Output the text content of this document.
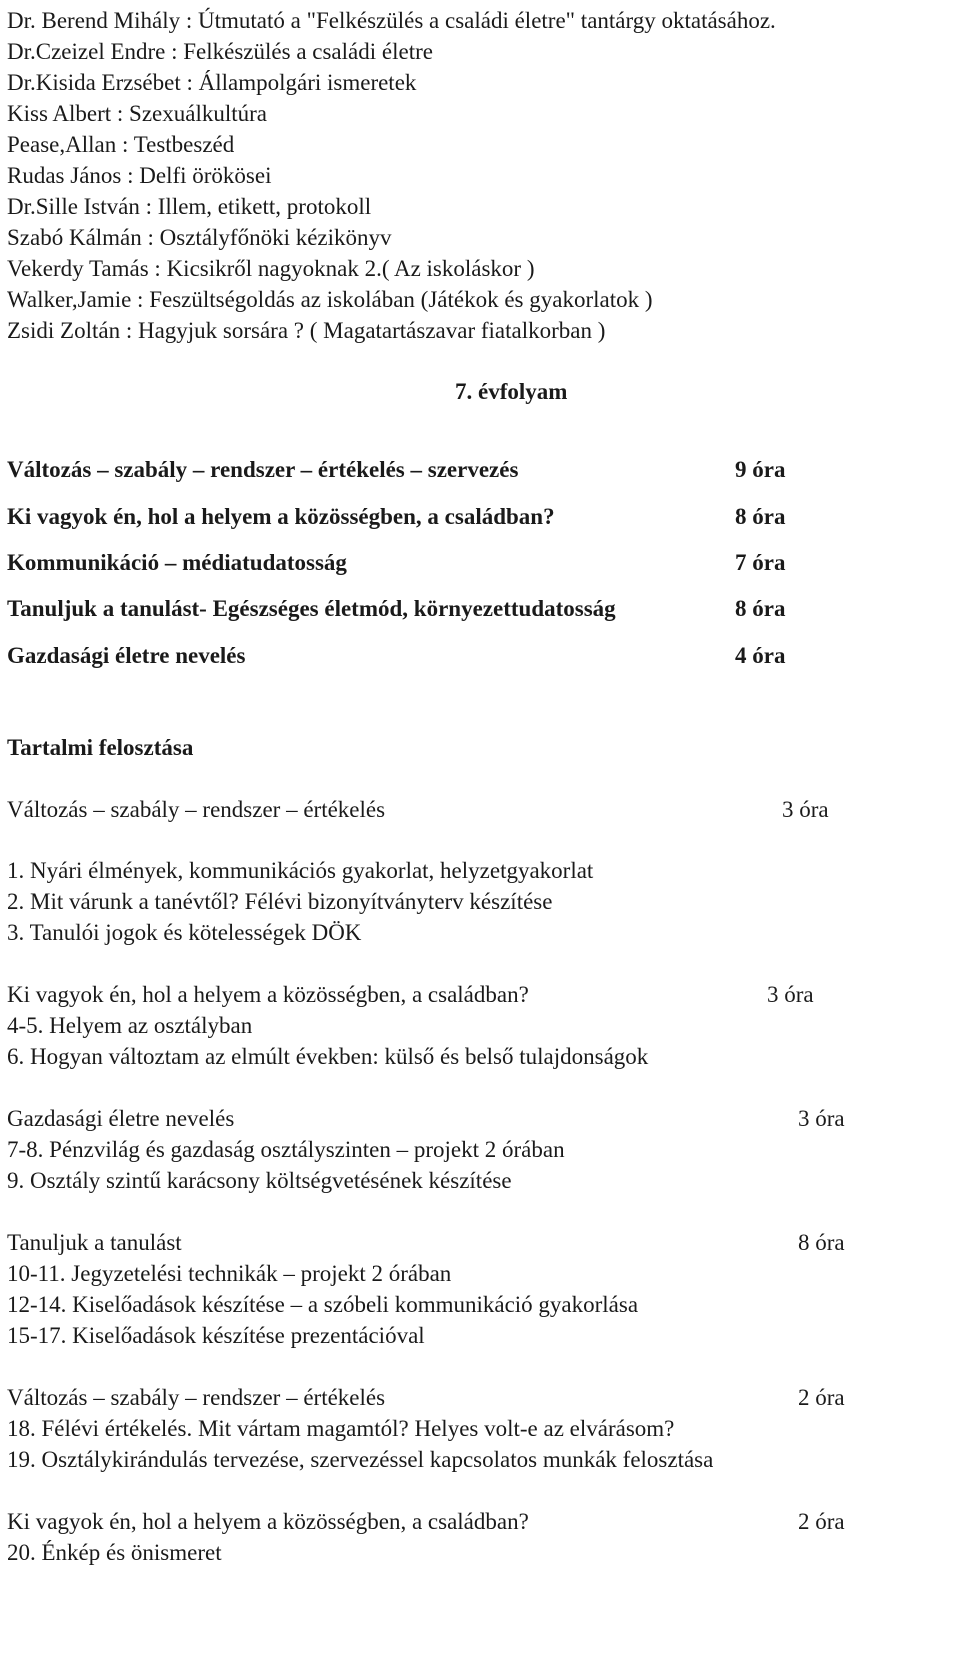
Dr. Berend Mihály : Útmutató a "Felkészülés a családi életre" tantárgy oktatásához.
Dr.Czeizel Endre : Felkészülés a családi életre
Dr.Kisida Erzsébet : Állampolgári ismeretek
Kiss Albert : Szexuálkultúra
Pease,Allan : Testbeszéd
Rudas János : Delfi örökösei
Dr.Sille István : Illem, etikett, protokoll
Szabó Kálmán : Osztályfőnöki kézikönyv
Vekerdy Tamás : Kicsikről nagyoknak 2.( Az iskoláskor )
Walker,Jamie : Feszültségoldás az iskolában (Játékok és gyakorlatok )
Zsidi Zoltán : Hagyjuk sorsára ? ( Magatartászavar fiatalkorban )
7. évfolyam
Változás – szabály – rendszer – értékelés – szervezés	9 óra
Ki vagyok én, hol a helyem a közösségben, a családban?	8 óra
Kommunikáció – médiatudatosság	7 óra
Tanuljuk a tanulást- Egészséges életmód, környezettudatosság	8 óra
Gazdasági életre nevelés	4 óra
Tartalmi felosztása
Változás – szabály – rendszer – értékelés	3 óra
1. Nyári élmények, kommunikációs gyakorlat, helyzetgyakorlat
2. Mit várunk a tanévtől? Félévi bizonyítványterv készítése
3. Tanulói jogok és kötelességek DÖK
Ki vagyok én, hol a helyem a közösségben, a családban?	3 óra
4-5. Helyem az osztályban
6. Hogyan változtam az elmúlt években: külső és belső tulajdonságok
Gazdasági életre nevelés	3 óra
7-8. Pénzvilág és gazdaság osztályszinten – projekt 2 órában
9. Osztály szintű karácsony költségvetésének készítése
Tanuljuk a tanulást	8 óra
10-11. Jegyzetelési technikák – projekt 2 órában
12-14. Kiselőadások készítése – a szóbeli kommunikáció gyakorlása
15-17. Kiselőadások készítése prezentációval
Változás – szabály – rendszer – értékelés	2 óra
18. Félévi értékelés. Mit vártam magamtól? Helyes volt-e az elvárásom?
19. Osztálykirándulás tervezése, szervezéssel kapcsolatos munkák felosztása
Ki vagyok én, hol a helyem a közösségben, a családban?	2 óra
20. Énkép és önismeret
